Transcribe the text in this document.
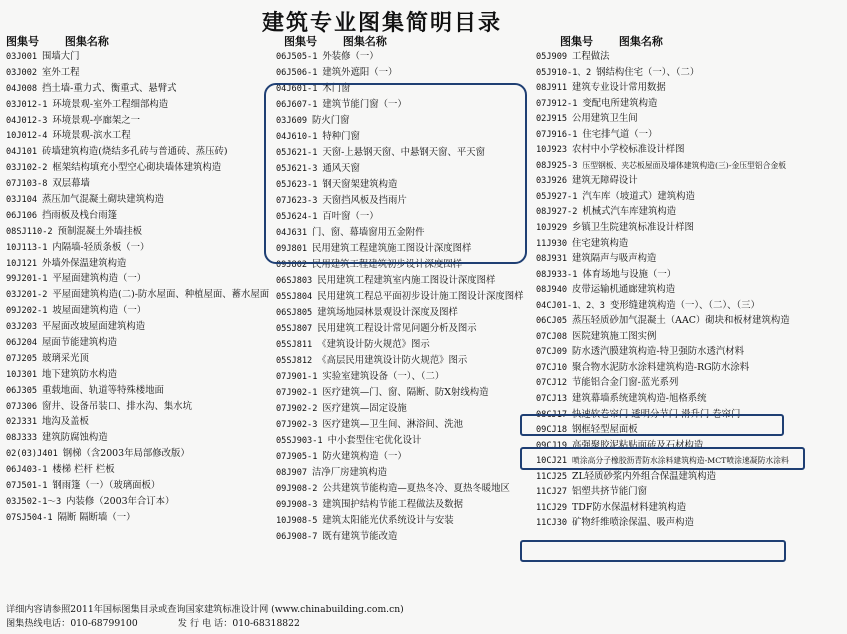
建筑专业图集简明目录
图集号 图集名称
03J001 围墙大门
03J002 室外工程
04J008 挡土墙-重力式、衡重式、悬臂式
03J012-1 环境景观-室外工程细部构造
04J012-3 环境景观-亭廊架之一
10J012-4 环境景观-滨水工程
04J101 砖墙建筑构造(烧结多孔砖与普通砖、蒸压砖)
03J102-2 框架结构填充小型空心砌块墙体建筑构造
07J103-8 双层幕墙
03J104 蒸压加气混凝土砌块建筑构造
06J106 挡雨板及栈台雨篷
08SJ110-2 预制混凝土外墙挂板
10J113-1 内隔墙-轻质条板（一）
10J121 外墙外保温建筑构造
99J201-1 平屋面建筑构造（一）
03J201-2 平屋面建筑构造(二)-防水屋面、种植屋面、蓄水屋面
09J202-1 坡屋面建筑构造（一）
03J203 平屋面改坡屋面建筑构造
06J204 屋面节能建筑构造
07J205 玻璃采光顶
10J301 地下建筑防水构造
06J305 重载地面、轨道等特殊楼地面
07J306 窗井、设备吊装口、排水沟、集水坑
02J331 地沟及盖板
08J333 建筑防腐蚀构造
02(03)J401 钢梯（含2003年局部修改版）
06J403-1 楼梯 栏杆 栏板
07J501-1 钢雨篷（一）（玻璃面板）
03J502-1～3 内装修（2003年合订本）
07SJ504-1 隔断 隔断墙（一）
图集号 图集名称
06J505-1 外装修（一）
06J506-1 建筑外遮阳（一）
04J601-1 木门窗
06J607-1 建筑节能门窗（一）
03J609 防火门窗
04J610-1 特种门窗
05J621-1 天窗-上悬钢天窗、中悬钢天窗、平天窗
05J621-3 通风天窗
05J623-1 钢天窗架建筑构造
07J623-3 天窗挡风板及挡雨片
05J624-1 百叶窗（一）
04J631 门、窗、幕墙窗用五金附件
09J801 民用建筑工程建筑施工图设计深度图样
09J802 民用建筑工程建筑初步设计深度图样
06SJ803 民用建筑工程建筑室内施工图设计深度图样
05SJ804 民用建筑工程总平面初步设计施工图设计深度图样
06SJ805 建筑场地园林景观设计深度及图样
05SJ807 民用建筑工程设计常见问题分析及图示
05SJ811 《建筑设计防火规范》图示
05SJ812 《高层民用建筑设计防火规范》图示
07J901-1 实验室建筑设备（一）、（二）
07J902-1 医疗建筑—门、窗、隔断、防X射线构造
07J902-2 医疗建筑—固定设施
07J902-3 医疗建筑—卫生间、淋浴间、洗池
05SJ903-1 中小套型住宅优化设计
07J905-1 防火建筑构造（一）
08J907 洁净厂房建筑构造
09J908-2 公共建筑节能构造—夏热冬冷、夏热冬暖地区
09J908-3 建筑围护结构节能工程做法及数据
10J908-5 建筑太阳能光伏系统设计与安装
06J908-7 既有建筑节能改造
图集号 图集名称
05J909 工程做法
05J910-1、2 钢结构住宅（一）、（二）
08J911 建筑专业设计常用数据
07J912-1 变配电所建筑构造
02J915 公用建筑卫生间
07J916-1 住宅排气道（一）
10J923 农村中小学校标准设计样图
08J925-3 压型钢板、夹芯板屋面及墙体建筑构造(三)-金压型铝合金板
03J926 建筑无障碍设计
05J927-1 汽车库（坡道式）建筑构造
08J927-2 机械式汽车库建筑构造
10J929 乡镇卫生院建筑标准设计样图
11J930 住宅建筑构造
08J931 建筑隔声与吸声构造
08J933-1 体育场地与设施（一）
08J940 皮带运输机通廊建筑构造
04CJ01-1、2、3 变形缝建筑构造（一）、（二）、（三）
06CJ05 蒸压轻质砂加气混凝土（AAC）砌块和板材建筑构造
07CJ08 医院建筑施工图实例
07CJ09 防水透汽膜建筑构造-特卫强防水透汽材料
07CJ10 聚合物水泥防水涂料建筑构造-RG防水涂料
07CJ12 节能铝合金门窗-蓝光系列
07CJ13 建筑幕墙系统建筑构造-旭格系统
08CJ17 快速软卷帘门 透明分节门 滑升门 卷帘门
09CJ18 钢框轻型屋面板
09CJ19 高强聚胶泥粘贴面砖及石材构造
10CJ21 喷涂高分子橡胶沥青防水涂料建筑构造-MCT喷涂速凝防水涂料
11CJ25 ZL轻质砂浆内外组合保温建筑构造
11CJ27 铝塑共挤节能门窗
11CJ29 TDF防水保温材料建筑构造
11CJ30 矿物纤维喷涂保温、吸声构造
详细内容请参照2011年国标图集目录或查询国家建筑标准设计网 (www.chinabuilding.com.cn)
图集热线电话：010-68799100	发 行 电 话：010-68318822
